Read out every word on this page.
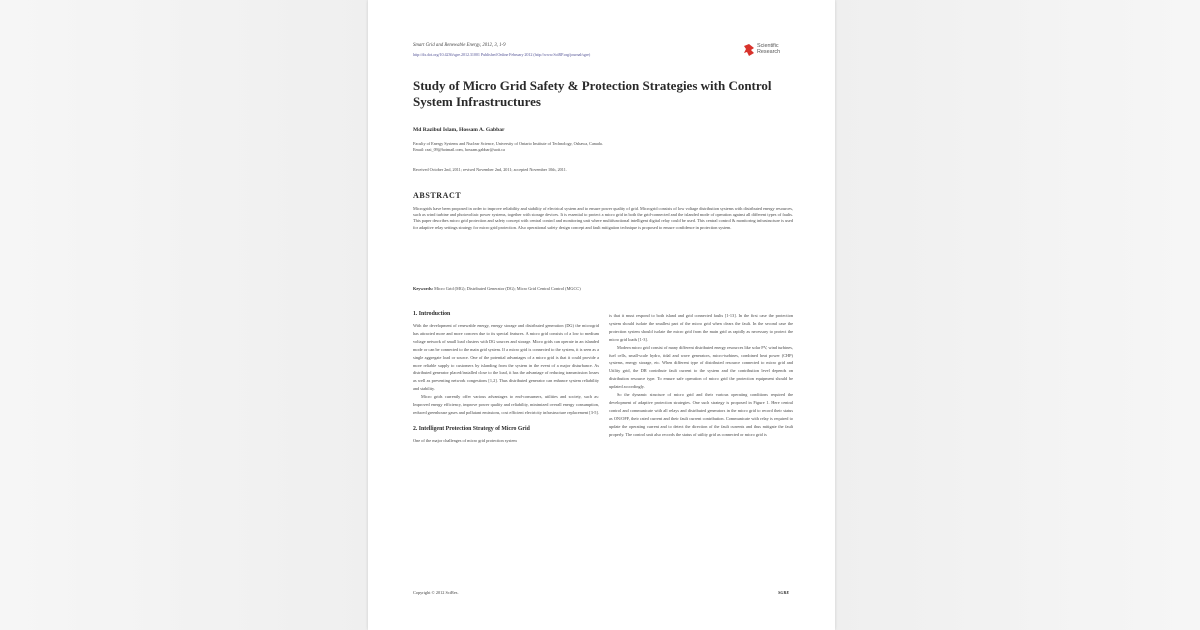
Smart Grid and Renewable Energy, 2012, 3, 1-9
http://dx.doi.org/10.4236/sgre.2012.31001 Published Online February 2012 (http://www.SciRP.org/journal/sgre)
Scientific
Research
Study of Micro Grid Safety & Protection Strategies with Control System Infrastructures
Md Razibul Islam, Hossam A. Gabbar
Faculty of Energy Systems and Nuclear Science, University of Ontario Institute of Technology, Oshawa, Canada.
Email: razi_09@hotmail.com, hossam.gabbar@uoit.ca
Received October 2nd, 2011; revised November 2nd, 2011; accepted November 10th, 2011.
ABSTRACT
Microgrids have been proposed in order to improve reliability and stability of electrical system and to ensure power quality of grid. Microgrid consists of low voltage distribution systems with distributed energy resources, such as wind turbine and photovoltaic power systems, together with storage devices. It is essential to protect a micro grid in both the grid-connected and the islanded mode of operation against all different types of faults. This paper describes micro grid protection and safety concept with central control and monitoring unit where multifunctional intelligent digital relay could be used. This central control & monitoring infrastructure is used for adaptive relay settings strategy for micro grid protection. Also operational safety design concept and fault mitigation technique is proposed to ensure confidence in protection system.
Keywords: Micro Grid (MG); Distributed Generator (DG); Micro Grid Central Control (MGCC)
1. Introduction

With the development of renewable energy, energy storage and distributed generation (DG) the microgrid has attracted more and more concern due to its special features. A micro grid consists of a low to medium voltage network of small load clusters with DG sources and storage. Micro grids can operate in an islanded mode or can be connected to the main grid system. If a micro grid is connected to the system, it is seen as a single aggregate load or source. One of the potential advantages of a micro grid is that it could provide a more reliable supply to customers by islanding from the system in the event of a major disturbance. As distributed generator placed/installed close to the load, it has the advantage of reducing transmission losses as well as preventing network congestions [1,2]. Thus distributed generator can enhance system reliability and stability.

Micro grids currently offer various advantages to end-consumers, utilities and society, such as: Improved energy efficiency, improve power quality and reliability, minimized overall energy consumption, reduced greenhouse gases and pollutant emissions, cost efficient electricity infrastructure replacement [3-5].

2. Intelligent Protection Strategy of Micro Grid

One of the major challenges of micro grid protection system

is that it must respond to both island and grid connected faults [1-13]. In the first case the protection system should isolate the smallest part of the micro grid when clears the fault. In the second case the protection system should isolate the micro grid from the main grid as rapidly as necessary to protect the micro grid loads [1-3].

Modern micro grid consist of many different distributed energy resources like solar PV, wind turbines, fuel cells, small-scale hydro, tidal and wave generators, micro-turbines, combined heat power (CHP) systems, energy storage, etc. When different type of distributed resource connected to micro grid and Utility grid, the DR contribute fault current to the system and the contribution level depends on distribution resource type. To ensure safe operation of micro grid the protection equipment should be updated accordingly.

So the dynamic structure of micro grid and their various operating conditions required the development of adaptive protection strategies. One such strategy is proposed in Figure 1. Here central control and communicate with all relays and distributed generators in the micro grid to record their status as ON/OFF, their rated current and their fault current contribution. Communicate with relay is required to update the operating current and to detect the direction of the fault currents and thus mitigate the fault properly. The control unit also records the status of utility grid as connected or micro grid is

Copyright © 2012 SciRes.	SGRE
